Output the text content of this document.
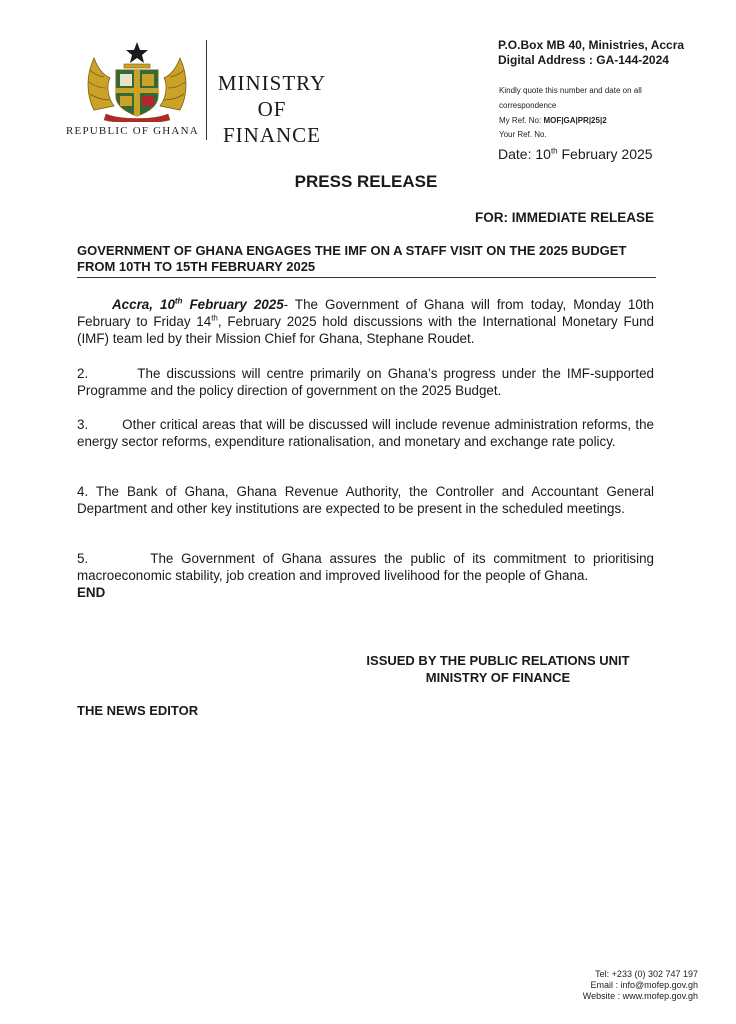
REPUBLIC OF GHANA
MINISTRY
OF
FINANCE
P.O.Box MB 40, Ministries, Accra
Digital Address : GA-144-2024
Kindly quote this number and date on all
correspondence
My Ref. No: MOF|GA|PR|25|2
Your Ref. No.
Date: 10th February 2025
PRESS RELEASE
FOR: IMMEDIATE RELEASE
GOVERNMENT OF GHANA ENGAGES THE IMF ON A STAFF VISIT ON THE 2025 BUDGET FROM 10TH TO 15TH FEBRUARY 2025
Accra, 10th February 2025- The Government of Ghana will from today, Monday 10th February to Friday 14th, February 2025 hold discussions with the International Monetary Fund (IMF) team led by their Mission Chief for Ghana, Stephane Roudet.
2.        The discussions will centre primarily on Ghana’s progress under the IMF-supported Programme and the policy direction of government on the 2025 Budget.
3.        Other critical areas that will be discussed will include revenue administration reforms, the energy sector reforms, expenditure rationalisation, and monetary and exchange rate policy.
4. The Bank of Ghana, Ghana Revenue Authority, the Controller and Accountant General Department and other key institutions are expected to be present in the scheduled meetings.
5.        The Government of Ghana assures the public of its commitment to prioritising macroeconomic stability, job creation and improved livelihood for the people of Ghana.
END
ISSUED BY THE PUBLIC RELATIONS UNIT
MINISTRY OF FINANCE
THE NEWS EDITOR
Tel: +233 (0) 302 747 197
Email : info@mofep.gov.gh
Website : www.mofep.gov.gh
